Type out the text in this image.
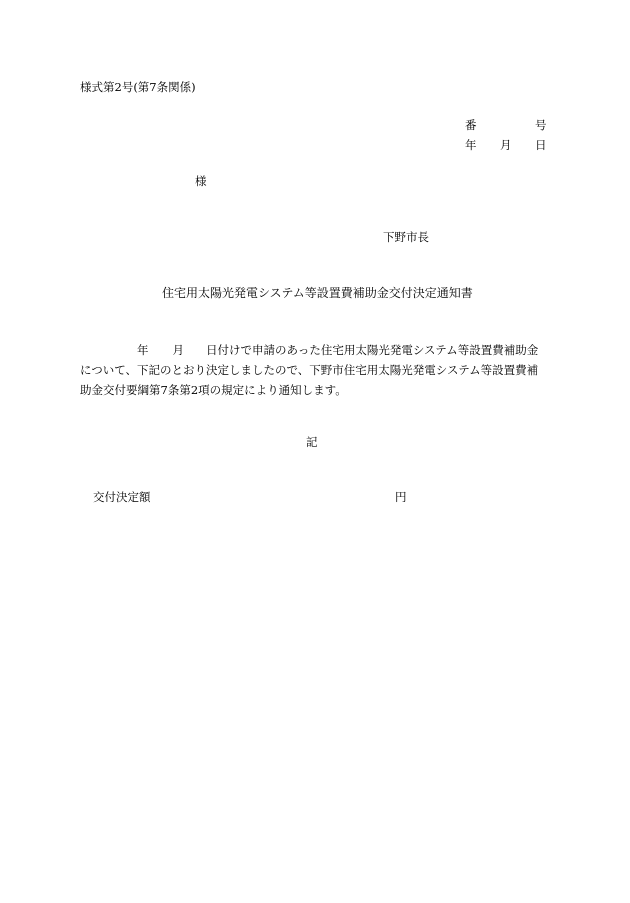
様式第2号(第7条関係)
番	号
年 月 日
様
下野市長
住宅用太陽光発電システム等設置費補助金交付決定通知書
年 月 日付けで申請のあった住宅用太陽光発電システム等設置費補助金
について、下記のとおり決定しましたので、下野市住宅用太陽光発電システム等設置費補
助金交付要綱第7条第2項の規定により通知します。
記
交付決定額	円
